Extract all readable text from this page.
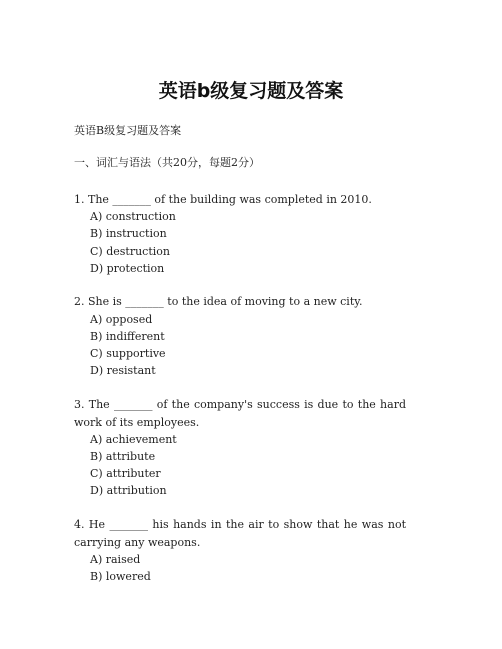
英语b级复习题及答案
英语B级复习题及答案
一、词汇与语法（共20分，每题2分）
1. The _______ of the building was completed in 2010.
A) construction
B) instruction
C) destruction
D) protection
2. She is _______ to the idea of moving to a new city.
A) opposed
B) indifferent
C) supportive
D) resistant
3. The _______ of the company's success is due to the hard work of its employees.
A) achievement
B) attribute
C) attributer
D) attribution
4. He _______ his hands in the air to show that he was not carrying any weapons.
A) raised
B) lowered
